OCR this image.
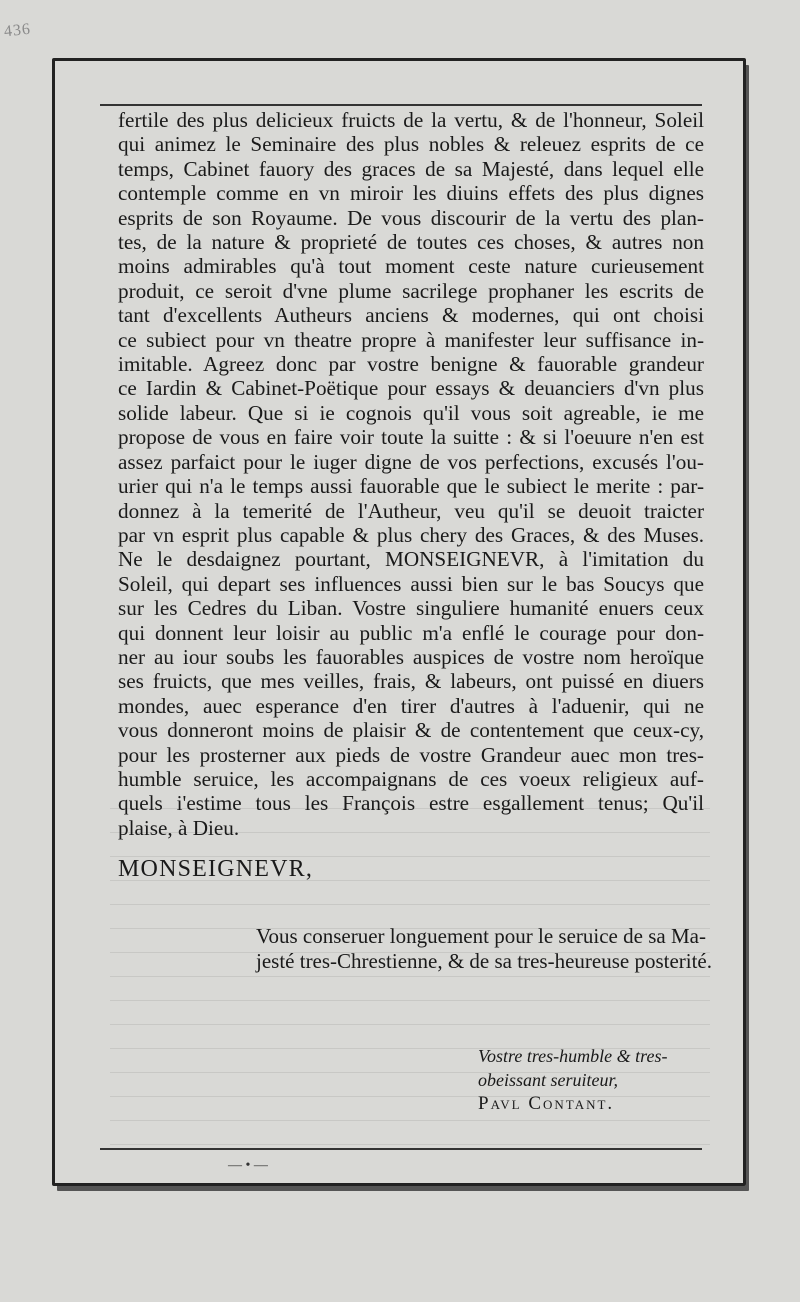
436
fertile des plus delicieux fruicts de la vertu, & de l'honneur, Soleil
qui animez le Seminaire des plus nobles & releuez esprits de ce
temps, Cabinet fauory des graces de sa Majesté, dans lequel elle
contemple comme en vn miroir les diuins effets des plus dignes
esprits de son Royaume. De vous discourir de la vertu des plan-
tes, de la nature & proprieté de toutes ces choses, & autres non
moins admirables qu'à tout moment ceste nature curieusement
produit, ce seroit d'vne plume sacrilege prophaner les escrits de
tant d'excellents Autheurs anciens & modernes, qui ont choisi
ce subiect pour vn theatre propre à manifester leur suffisance in-
imitable. Agreez donc par vostre benigne & fauorable grandeur
ce Iardin & Cabinet-Poëtique pour essays & deuanciers d'vn plus
solide labeur. Que si ie cognois qu'il vous soit agreable, ie me
propose de vous en faire voir toute la suitte : & si l'oeuure n'en est
assez parfaict pour le iuger digne de vos perfections, excusés l'ou-
urier qui n'a le temps aussi fauorable que le subiect le merite : par-
donnez à la temerité de l'Autheur, veu qu'il se deuoit traicter
par vn esprit plus capable & plus chery des Graces, & des Muses.
Ne le desdaignez pourtant, MONSEIGNEVR, à l'imitation du
Soleil, qui depart ses influences aussi bien sur le bas Soucys que
sur les Cedres du Liban. Vostre singuliere humanité enuers ceux
qui donnent leur loisir au public m'a enflé le courage pour don-
ner au iour soubs les fauorables auspices de vostre nom heroïque
ses fruicts, que mes veilles, frais, & labeurs, ont puissé en diuers
mondes, auec esperance d'en tirer d'autres à l'aduenir, qui ne
vous donneront moins de plaisir & de contentement que ceux-cy,
pour les prosterner aux pieds de vostre Grandeur auec mon tres-
humble seruice, les accompaignans de ces voeux religieux auf-
quels i'estime tous les François estre esgallement tenus; Qu'il
plaise, à Dieu.
MONSEIGNEVR,
Vous conseruer longuement pour le seruice de sa Ma-
jesté tres-Chrestienne, & de sa tres-heureuse posterité.
Vostre tres-humble & tres-
obeissant seruiteur,
Pavl Contant.
— • —
